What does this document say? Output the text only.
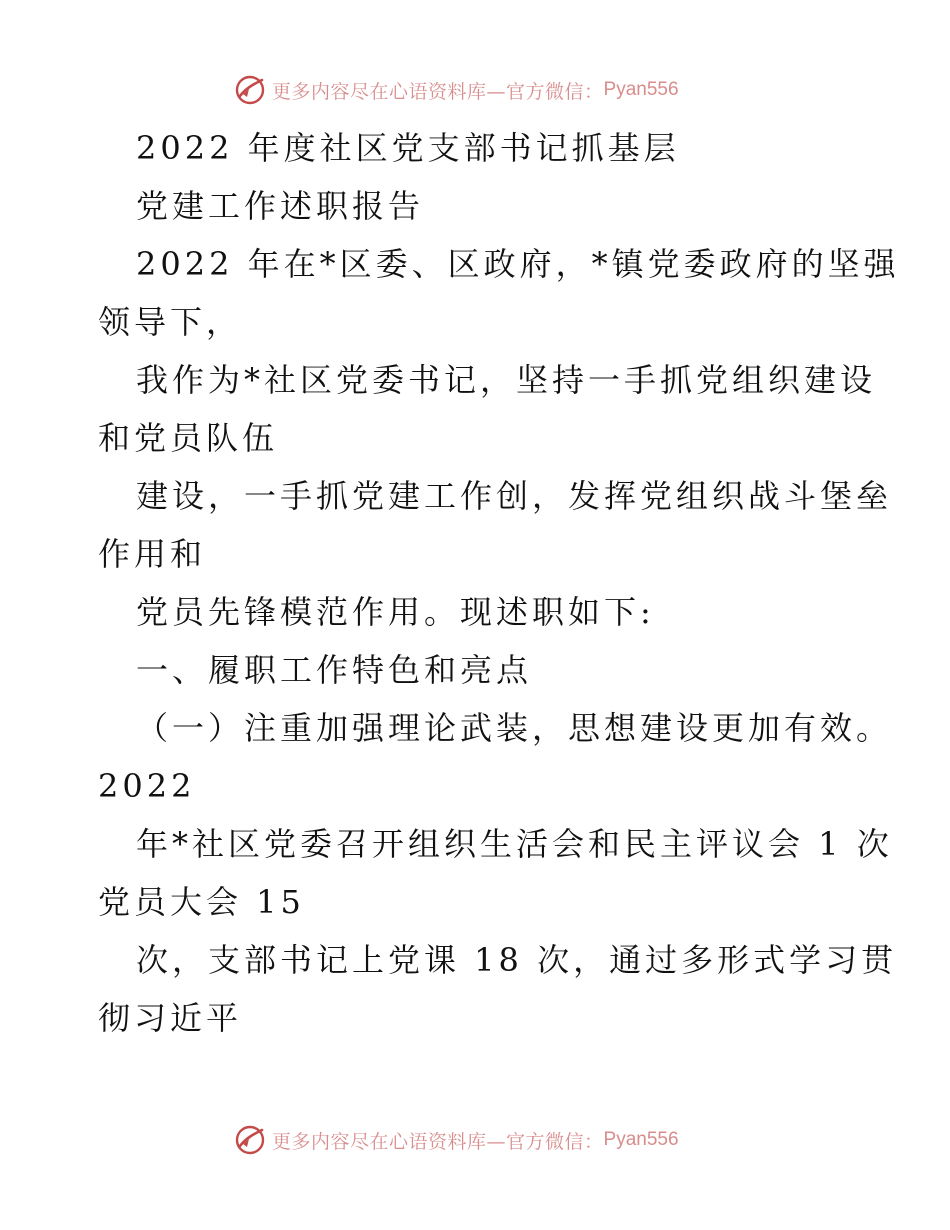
更多内容尽在心语资料库—官方微信： Pyan556
2022 年度社区党支部书记抓基层
党建工作述职报告
2022 年在*区委、区政府，*镇党委政府的坚强
领导下，
我作为*社区党委书记，坚持一手抓党组织建设
和党员队伍
建设，一手抓党建工作创，发挥党组织战斗堡垒
作用和
党员先锋模范作用。现述职如下:
一、履职工作特色和亮点
（一）注重加强理论武装，思想建设更加有效。
2022
年*社区党委召开组织生活会和民主评议会 1 次
党员大会 15
次，支部书记上党课 18 次，通过多形式学习贯
彻习近平
更多内容尽在心语资料库—官方微信： Pyan556
